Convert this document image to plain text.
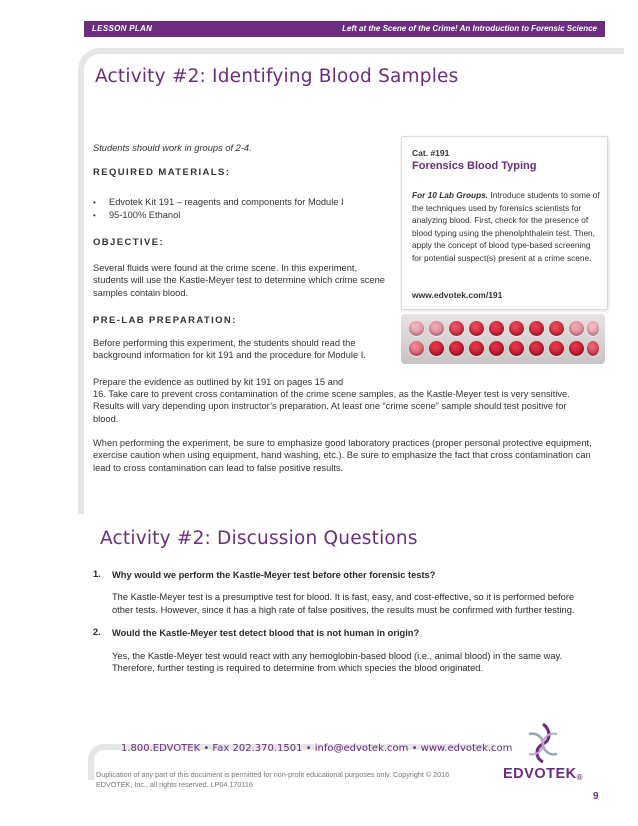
LESSON PLAN	Left at the Scene of the Crime! An Introduction to Forensic Science
Activity #2: Identifying Blood Samples
Students should work in groups of 2-4.
REQUIRED MATERIALS:
• Edvotek Kit 191 – reagents and components for Module I
• 95-100% Ethanol
OBJECTIVE:
Several fluids were found at the crime scene. In this experiment, students will use the Kastle-Meyer test to determine which crime scene samples contain blood.
PRE-LAB PREPARATION:
Before performing this experiment, the students should read the background information for kit 191 and the procedure for Module I.
Prepare the evidence as outlined by kit 191 on pages 15 and
16. Take care to prevent cross contamination of the crime scene samples, as the Kastle-Meyer test is very sensitive. Results will vary depending upon instructor’s preparation. At least one “crime scene” sample should test positive for blood.
When performing the experiment, be sure to emphasize good laboratory practices (proper personal protective equipment, exercise caution when using equipment, hand washing, etc.). Be sure to emphasize the fact that cross contamination can lead to cross contamination can lead to false positive results.
Cat. #191
Forensics Blood Typing
For 10 Lab Groups. Introduce students to some of the techniques used by forensics scientists for analyzing blood. First, check for the presence of blood typing using the phenolphthalein test. Then, apply the concept of blood type-based screening for potential suspect(s) present at a crime scene.
www.edvotek.com/191
Activity #2: Discussion Questions
1. Why would we perform the Kastle-Meyer test before other forensic tests?
The Kastle-Meyer test is a presumptive test for blood. It is fast, easy, and cost-effective, so it is performed before other tests. However, since it has a high rate of false positives, the results must be confirmed with further testing.
2. Would the Kastle-Meyer test detect blood that is not human in origin?
Yes, the Kastle-Meyer test would react with any hemoglobin-based blood (i.e., animal blood) in the same way. Therefore, further testing is required to determine from which species the blood originated.
1.800.EDVOTEK • Fax 202.370.1501 • info@edvotek.com • www.edvotek.com
Duplication of any part of this document is permitted for non-profit educational purposes only. Copyright © 2016 EDVOTEK, Inc., all rights reserved. LP04.170116
EDVOTEK®
9
